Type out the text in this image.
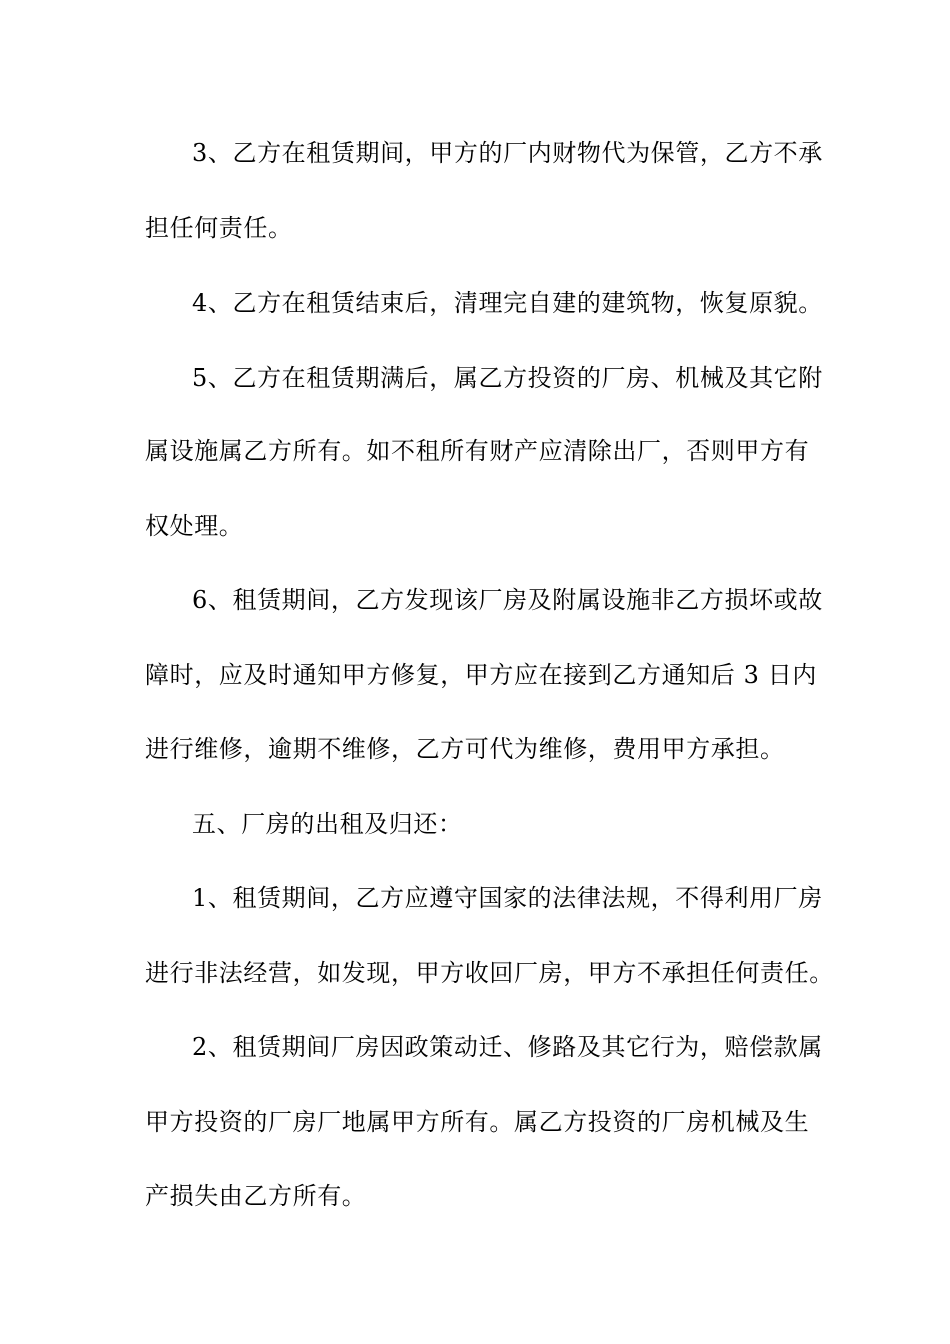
3、乙方在租赁期间，甲方的厂内财物代为保管，乙方不承
担任何责任。
4、乙方在租赁结束后，清理完自建的建筑物，恢复原貌。
5、乙方在租赁期满后，属乙方投资的厂房、机械及其它附
属设施属乙方所有。如不租所有财产应清除出厂，否则甲方有
权处理。
6、租赁期间，乙方发现该厂房及附属设施非乙方损坏或故
障时，应及时通知甲方修复，甲方应在接到乙方通知后 3 日内
进行维修，逾期不维修，乙方可代为维修，费用甲方承担。
五、厂房的出租及归还：
1、租赁期间，乙方应遵守国家的法律法规，不得利用厂房
进行非法经营，如发现，甲方收回厂房，甲方不承担任何责任。
2、租赁期间厂房因政策动迁、修路及其它行为，赔偿款属
甲方投资的厂房厂地属甲方所有。属乙方投资的厂房机械及生
产损失由乙方所有。
